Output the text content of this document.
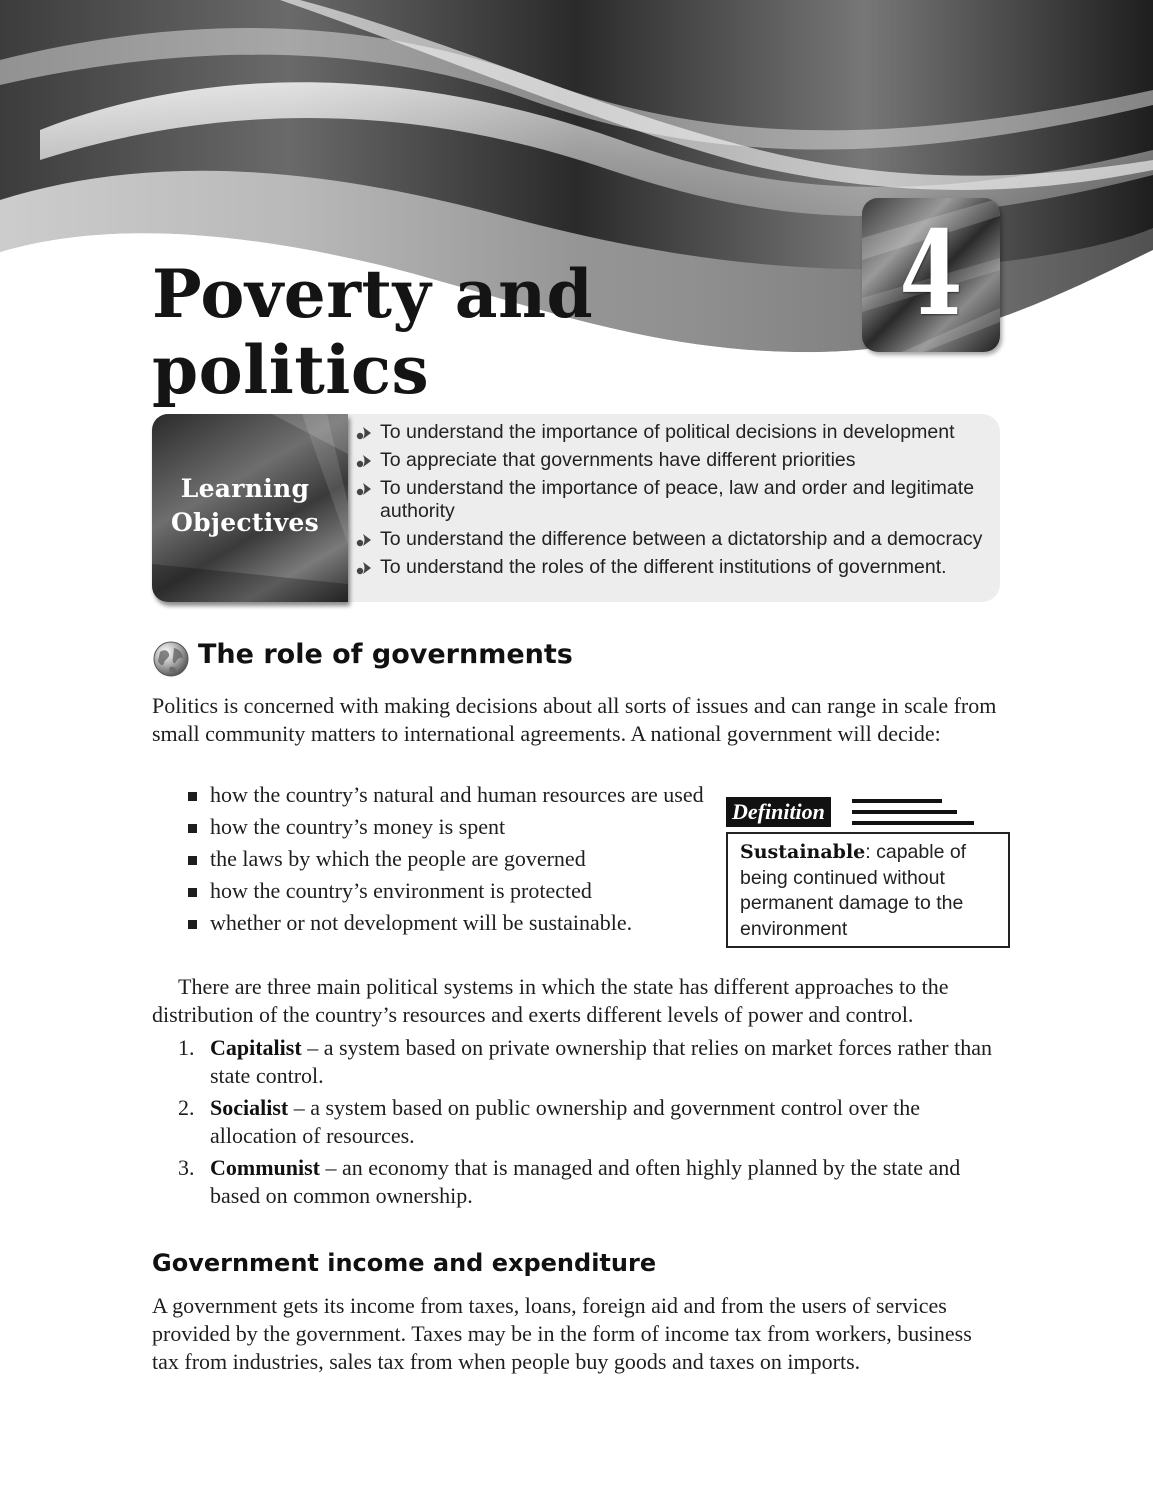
Poverty and
politics
4
Learning
Objectives
To understand the importance of political decisions in development
To appreciate that governments have different priorities
To understand the importance of peace, law and order and legitimate authority
To understand the difference between a dictatorship and a democracy
To understand the roles of the different institutions of government.
The role of governments

Politics is concerned with making decisions about all sorts of issues and can range in scale from small community matters to international agreements. A national government will decide:

how the country’s natural and human resources are used
how the country’s money is spent
the laws by which the people are governed
how the country’s environment is protected
whether or not development will be sustainable.
Definition
Sustainable: capable of being continued without permanent damage to the environment

There are three main political systems in which the state has different approaches to the distribution of the country’s resources and exerts different levels of power and control.

1. Capitalist – a system based on private ownership that relies on market forces rather than state control.
2. Socialist – a system based on public ownership and government control over the allocation of resources.
3. Communist – an economy that is managed and often highly planned by the state and based on common ownership.
Government income and expenditure

A government gets its income from taxes, loans, foreign aid and from the users of services provided by the government. Taxes may be in the form of income tax from workers, business tax from industries, sales tax from when people buy goods and taxes on imports.
